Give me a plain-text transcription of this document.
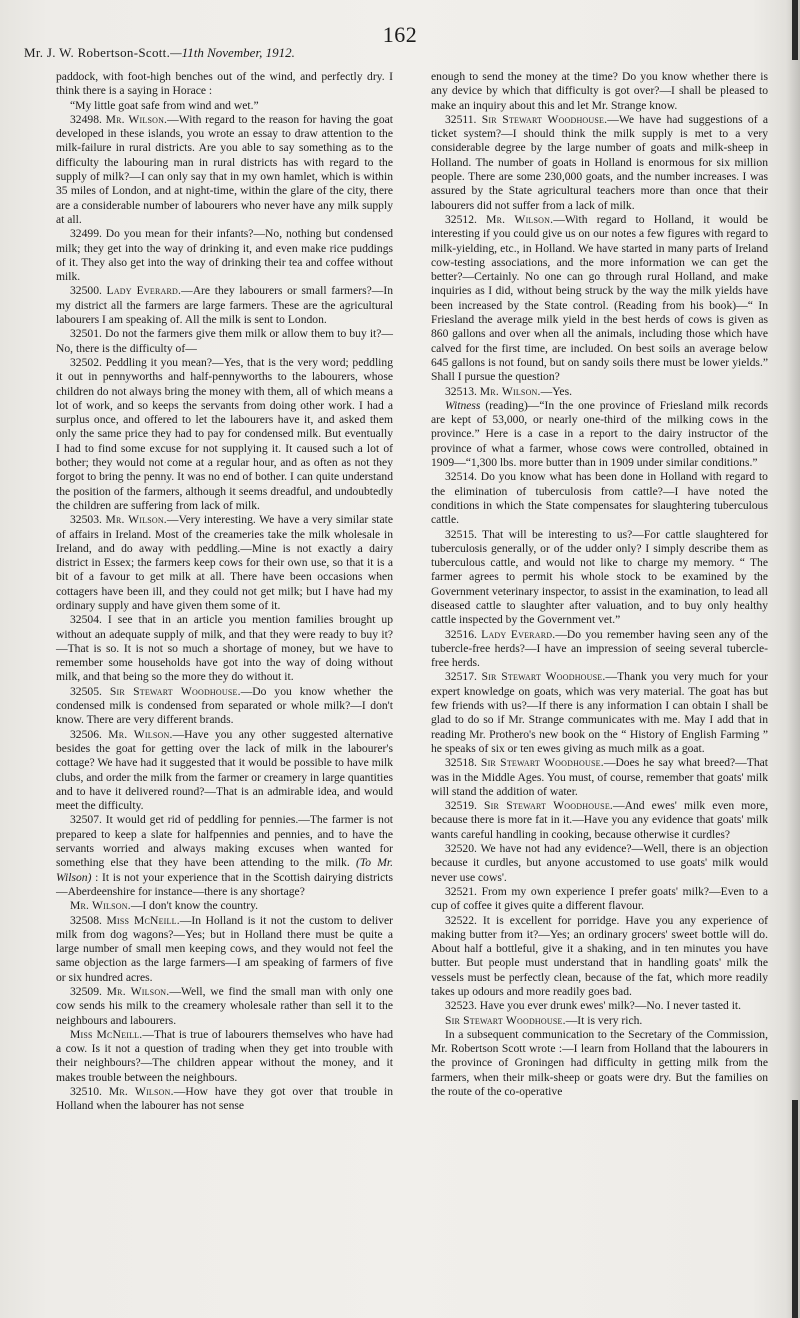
162
Mr. J. W. Robertson-Scott.—11th November, 1912.

paddock, with foot-high benches out of the wind, and perfectly dry. I think there is a saying in Horace :

“My little goat safe from wind and wet.”

32498. Mr. Wilson.—With regard to the reason for having the goat developed in these islands, you wrote an essay to draw attention to the milk-failure in rural districts. Are you able to say something as to the difficulty the labouring man in rural districts has with regard to the supply of milk?—I can only say that in my own hamlet, which is within 35 miles of London, and at night-time, within the glare of the city, there are a considerable number of labourers who never have any milk supply at all.

32499. Do you mean for their infants?—No, nothing but condensed milk; they get into the way of drinking it, and even make rice puddings of it. They also get into the way of drinking their tea and coffee without milk.

32500. Lady Everard.—Are they labourers or small farmers?—In my district all the farmers are large farmers. These are the agricultural labourers I am speaking of. All the milk is sent to London.

32501. Do not the farmers give them milk or allow them to buy it?—No, there is the difficulty of—

32502. Peddling it you mean?—Yes, that is the very word; peddling it out in pennyworths and half-pennyworths to the labourers, whose children do not always bring the money with them, all of which means a lot of work, and so keeps the servants from doing other work. I had a surplus once, and offered to let the labourers have it, and asked them only the same price they had to pay for condensed milk. But eventually I had to find some excuse for not supplying it. It caused such a lot of bother; they would not come at a regular hour, and as often as not they forgot to bring the penny. It was no end of bother. I can quite understand the position of the farmers, although it seems dreadful, and undoubtedly the children are suffering from lack of milk.

32503. Mr. Wilson.—Very interesting. We have a very similar state of affairs in Ireland. Most of the creameries take the milk wholesale in Ireland, and do away with peddling.—Mine is not exactly a dairy district in Essex; the farmers keep cows for their own use, so that it is a bit of a favour to get milk at all. There have been occasions when cottagers have been ill, and they could not get milk; but I have had my ordinary supply and have given them some of it.

32504. I see that in an article you mention families brought up without an adequate supply of milk, and that they were ready to buy it?—That is so. It is not so much a shortage of money, but we have to remember some households have got into the way of doing without milk, and that being so the more they do without it.

32505. Sir Stewart Woodhouse.—Do you know whether the condensed milk is condensed from separated or whole milk?—I don't know. There are very different brands.

32506. Mr. Wilson.—Have you any other suggested alternative besides the goat for getting over the lack of milk in the labourer's cottage? We have had it suggested that it would be possible to have milk clubs, and order the milk from the farmer or creamery in large quantities and to have it delivered round?—That is an admirable idea, and would meet the difficulty.

32507. It would get rid of peddling for pennies.—The farmer is not prepared to keep a slate for halfpennies and pennies, and to have the servants worried and always making excuses when wanted for something else that they have been attending to the milk. (To Mr. Wilson) : It is not your experience that in the Scottish dairying districts—Aberdeenshire for instance—there is any shortage?

Mr. Wilson.—I don't know the country.

32508. Miss McNeill.—In Holland is it not the custom to deliver milk from dog wagons?—Yes; but in Holland there must be quite a large number of small men keeping cows, and they would not feel the same objection as the large farmers—I am speaking of farmers of five or six hundred acres.

32509. Mr. Wilson.—Well, we find the small man with only one cow sends his milk to the creamery wholesale rather than sell it to the neighbours and labourers.

Miss McNeill.—That is true of labourers themselves who have had a cow. Is it not a question of trading when they get into trouble with their neighbours?—The children appear without the money, and it makes trouble between the neighbours.

32510. Mr. Wilson.—How have they got over that trouble in Holland when the labourer has not sense

enough to send the money at the time? Do you know whether there is any device by which that difficulty is got over?—I shall be pleased to make an inquiry about this and let Mr. Strange know.

32511. Sir Stewart Woodhouse.—We have had suggestions of a ticket system?—I should think the milk supply is met to a very considerable degree by the large number of goats and milk-sheep in Holland. The number of goats in Holland is enormous for six million people. There are some 230,000 goats, and the number increases. I was assured by the State agricultural teachers more than once that their labourers did not suffer from a lack of milk.

32512. Mr. Wilson.—With regard to Holland, it would be interesting if you could give us on our notes a few figures with regard to milk-yielding, etc., in Holland. We have started in many parts of Ireland cow-testing associations, and the more information we can get the better?—Certainly. No one can go through rural Holland, and make inquiries as I did, without being struck by the way the milk yields have been increased by the State control. (Reading from his book)—“ In Friesland the average milk yield in the best herds of cows is given as 860 gallons and over when all the animals, including those which have calved for the first time, are included. On best soils an average below 645 gallons is not found, but on sandy soils there must be lower yields.” Shall I pursue the question?

32513. Mr. Wilson.—Yes.

Witness (reading)—“In the one province of Friesland milk records are kept of 53,000, or nearly one-third of the milking cows in the province.” Here is a case in a report to the dairy instructor of the province of what a farmer, whose cows were controlled, obtained in 1909—“1,300 lbs. more butter than in 1909 under similar conditions.”

32514. Do you know what has been done in Holland with regard to the elimination of tuberculosis from cattle?—I have noted the conditions in which the State compensates for slaughtering tuberculous cattle.

32515. That will be interesting to us?—For cattle slaughtered for tuberculosis generally, or of the udder only? I simply describe them as tuberculous cattle, and would not like to charge my memory. “ The farmer agrees to permit his whole stock to be examined by the Government veterinary inspector, to assist in the examination, to lead all diseased cattle to slaughter after valuation, and to buy only healthy cattle inspected by the Government vet.”

32516. Lady Everard.—Do you remember having seen any of the tubercle-free herds?—I have an impression of seeing several tubercle-free herds.

32517. Sir Stewart Woodhouse.—Thank you very much for your expert knowledge on goats, which was very material. The goat has but few friends with us?—If there is any information I can obtain I shall be glad to do so if Mr. Strange communicates with me. May I add that in reading Mr. Prothero's new book on the “ History of English Farming ” he speaks of six or ten ewes giving as much milk as a goat.

32518. Sir Stewart Woodhouse.—Does he say what breed?—That was in the Middle Ages. You must, of course, remember that goats' milk will stand the addition of water.

32519. Sir Stewart Woodhouse.—And ewes' milk even more, because there is more fat in it.—Have you any evidence that goats' milk wants careful handling in cooking, because otherwise it curdles?

32520. We have not had any evidence?—Well, there is an objection because it curdles, but anyone accustomed to use goats' milk would never use cows'.

32521. From my own experience I prefer goats' milk?—Even to a cup of coffee it gives quite a different flavour.

32522. It is excellent for porridge. Have you any experience of making butter from it?—Yes; an ordinary grocers' sweet bottle will do. About half a bottleful, give it a shaking, and in ten minutes you have butter. But people must understand that in handling goats' milk the vessels must be perfectly clean, because of the fat, which more readily takes up odours and more readily goes bad.

32523. Have you ever drunk ewes' milk?—No. I never tasted it.

Sir Stewart Woodhouse.—It is very rich.

In a subsequent communication to the Secretary of the Commission, Mr. Robertson Scott wrote :—I learn from Holland that the labourers in the province of Groningen had difficulty in getting milk from the farmers, when their milk-sheep or goats were dry. But the families on the route of the co-operative
